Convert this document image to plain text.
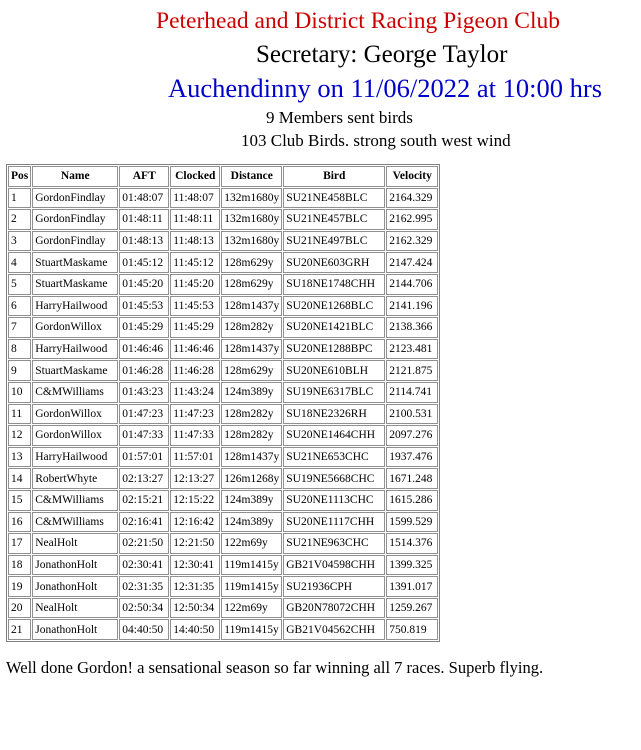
Peterhead and District Racing Pigeon Club
Secretary: George Taylor
Auchendinny on 11/06/2022 at 10:00 hrs
9 Members sent birds
103 Club Birds. strong south west wind
Pos	Name	AFT	Clocked	Distance	Bird	Velocity
1	GordonFindlay	01:48:07	11:48:07	132m1680y	SU21NE458BLC	2164.329
2	GordonFindlay	01:48:11	11:48:11	132m1680y	SU21NE457BLC	2162.995
3	GordonFindlay	01:48:13	11:48:13	132m1680y	SU21NE497BLC	2162.329
4	StuartMaskame	01:45:12	11:45:12	128m629y	SU20NE603GRH	2147.424
5	StuartMaskame	01:45:20	11:45:20	128m629y	SU18NE1748CHH	2144.706
6	HarryHailwood	01:45:53	11:45:53	128m1437y	SU20NE1268BLC	2141.196
7	GordonWillox	01:45:29	11:45:29	128m282y	SU20NE1421BLC	2138.366
8	HarryHailwood	01:46:46	11:46:46	128m1437y	SU20NE1288BPC	2123.481
9	StuartMaskame	01:46:28	11:46:28	128m629y	SU20NE610BLH	2121.875
10	C&MWilliams	01:43:23	11:43:24	124m389y	SU19NE6317BLC	2114.741
11	GordonWillox	01:47:23	11:47:23	128m282y	SU18NE2326RH	2100.531
12	GordonWillox	01:47:33	11:47:33	128m282y	SU20NE1464CHH	2097.276
13	HarryHailwood	01:57:01	11:57:01	128m1437y	SU21NE653CHC	1937.476
14	RobertWhyte	02:13:27	12:13:27	126m1268y	SU19NE5668CHC	1671.248
15	C&MWilliams	02:15:21	12:15:22	124m389y	SU20NE1113CHC	1615.286
16	C&MWilliams	02:16:41	12:16:42	124m389y	SU20NE1117CHH	1599.529
17	NealHolt	02:21:50	12:21:50	122m69y	SU21NE963CHC	1514.376
18	JonathonHolt	02:30:41	12:30:41	119m1415y	GB21V04598CHH	1399.325
19	JonathonHolt	02:31:35	12:31:35	119m1415y	SU21936CPH	1391.017
20	NealHolt	02:50:34	12:50:34	122m69y	GB20N78072CHH	1259.267
21	JonathonHolt	04:40:50	14:40:50	119m1415y	GB21V04562CHH	750.819
Well done Gordon! a sensational season so far winning all 7 races. Superb flying.
